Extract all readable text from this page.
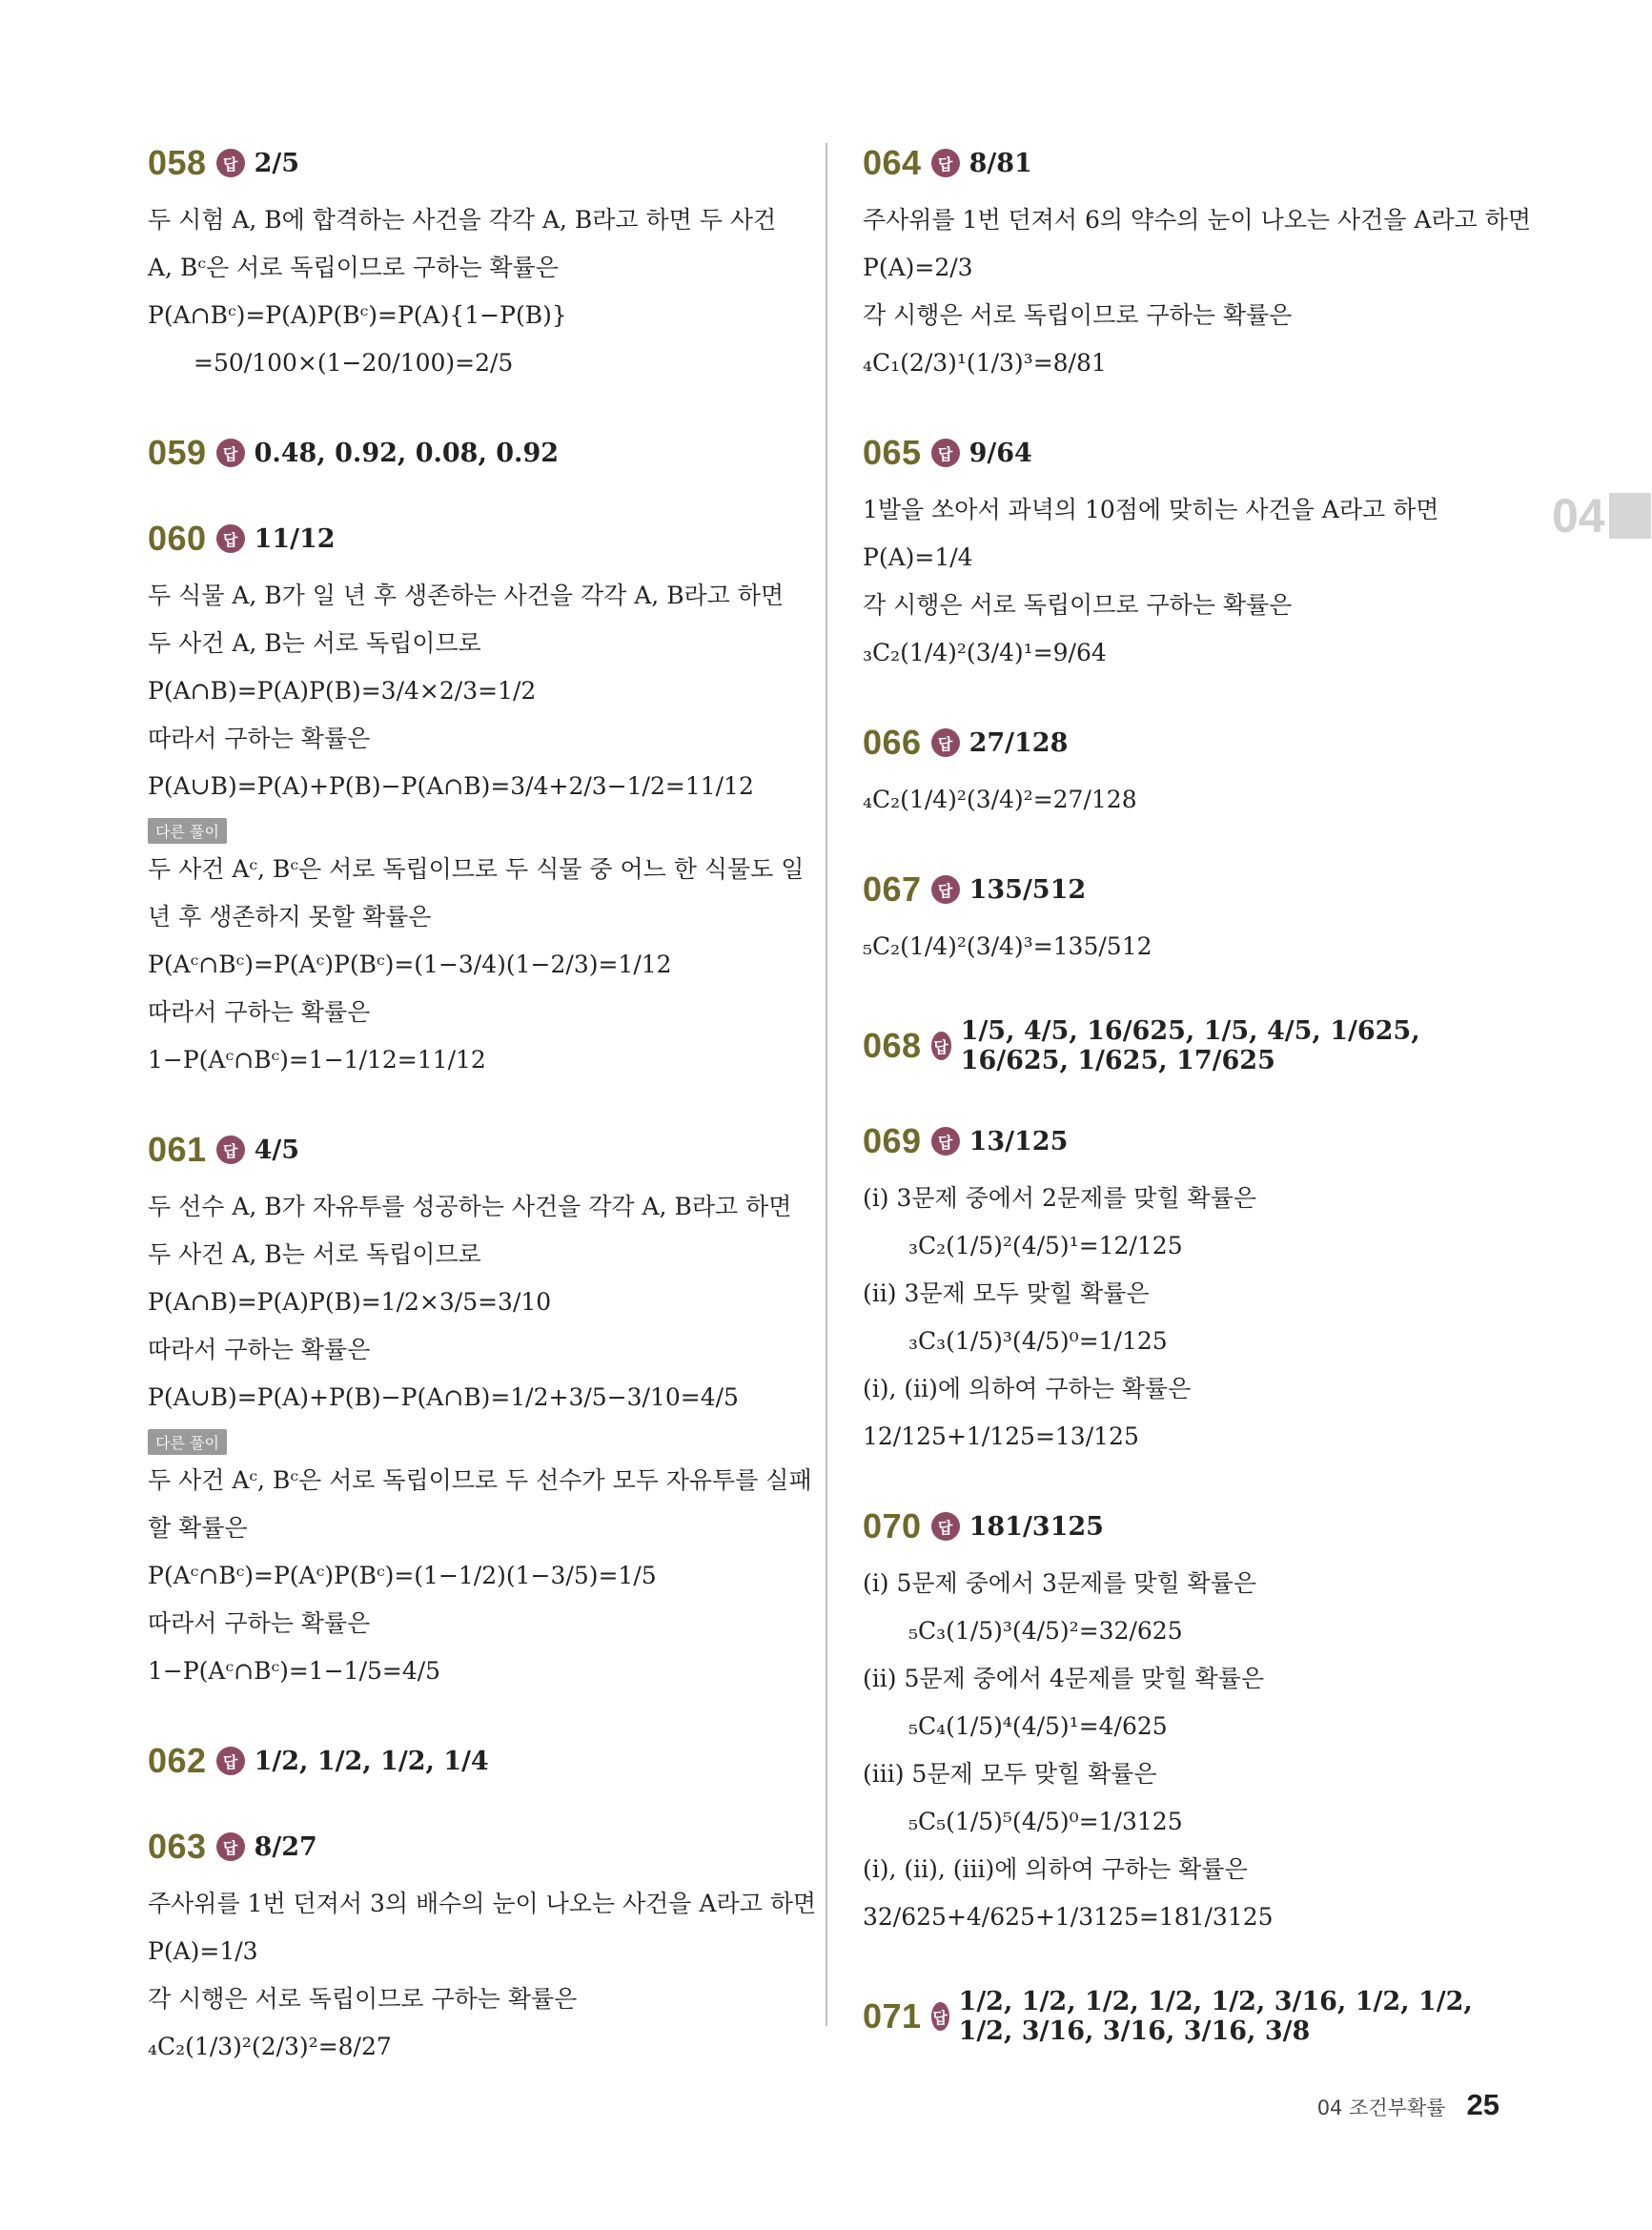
058	답 2/5
두 시험 A, B에 합격하는 사건을 각각 A, B라고 하면 두 사건
A, Bᶜ은 서로 독립이므로 구하는 확률은
P(A∩Bᶜ)=P(A)P(Bᶜ)=P(A){1−P(B)}
=50/100×(1−20/100)=2/5
059	답 0.48, 0.92, 0.08, 0.92
060	답 11/12
두 식물 A, B가 일 년 후 생존하는 사건을 각각 A, B라고 하면
두 사건 A, B는 서로 독립이므로
P(A∩B)=P(A)P(B)=3/4×2/3=1/2
따라서 구하는 확률은
P(A∪B)=P(A)+P(B)−P(A∩B)=3/4+2/3−1/2=11/12
다른 풀이
두 사건 Aᶜ, Bᶜ은 서로 독립이므로 두 식물 중 어느 한 식물도 일
년 후 생존하지 못할 확률은
P(Aᶜ∩Bᶜ)=P(Aᶜ)P(Bᶜ)=(1−3/4)(1−2/3)=1/12
따라서 구하는 확률은
1−P(Aᶜ∩Bᶜ)=1−1/12=11/12
061	답 4/5
두 선수 A, B가 자유투를 성공하는 사건을 각각 A, B라고 하면
두 사건 A, B는 서로 독립이므로
P(A∩B)=P(A)P(B)=1/2×3/5=3/10
따라서 구하는 확률은
P(A∪B)=P(A)+P(B)−P(A∩B)=1/2+3/5−3/10=4/5
다른 풀이
두 사건 Aᶜ, Bᶜ은 서로 독립이므로 두 선수가 모두 자유투를 실패
할 확률은
P(Aᶜ∩Bᶜ)=P(Aᶜ)P(Bᶜ)=(1−1/2)(1−3/5)=1/5
따라서 구하는 확률은
1−P(Aᶜ∩Bᶜ)=1−1/5=4/5
062	답 1/2, 1/2, 1/2, 1/4
063	답 8/27
주사위를 1번 던져서 3의 배수의 눈이 나오는 사건을 A라고 하면
P(A)=1/3
각 시행은 서로 독립이므로 구하는 확률은
₄C₂(1/3)²(2/3)²=8/27
064	답 8/81
주사위를 1번 던져서 6의 약수의 눈이 나오는 사건을 A라고 하면
P(A)=2/3
각 시행은 서로 독립이므로 구하는 확률은
₄C₁(2/3)¹(1/3)³=8/81
065	답 9/64
1발을 쏘아서 과녁의 10점에 맞히는 사건을 A라고 하면
P(A)=1/4
각 시행은 서로 독립이므로 구하는 확률은
₃C₂(1/4)²(3/4)¹=9/64
066	답 27/128
₄C₂(1/4)²(3/4)²=27/128
067	답 135/512
₅C₂(1/4)²(3/4)³=135/512
068 답
1/5, 4/5, 16/625, 1/5, 4/5, 1/625, 16/625, 1/625, 17/625
069	답 13/125
(ⅰ) 3문제 중에서 2문제를 맞힐 확률은
₃C₂(1/5)²(4/5)¹=12/125
(ⅱ) 3문제 모두 맞힐 확률은
₃C₃(1/5)³(4/5)⁰=1/125
(ⅰ), (ⅱ)에 의하여 구하는 확률은
12/125+1/125=13/125
070	답 181/3125
(ⅰ) 5문제 중에서 3문제를 맞힐 확률은
₅C₃(1/5)³(4/5)²=32/625
(ⅱ) 5문제 중에서 4문제를 맞힐 확률은
₅C₄(1/5)⁴(4/5)¹=4/625
(ⅲ) 5문제 모두 맞힐 확률은
₅C₅(1/5)⁵(4/5)⁰=1/3125
(ⅰ), (ⅱ), (ⅲ)에 의하여 구하는 확률은
32/625+4/625+1/3125=181/3125
071 답
1/2, 1/2, 1/2, 1/2, 1/2, 3/16, 1/2, 1/2, 1/2, 3/16, 3/16, 3/16, 3/8
04
04 조건부확률 25
